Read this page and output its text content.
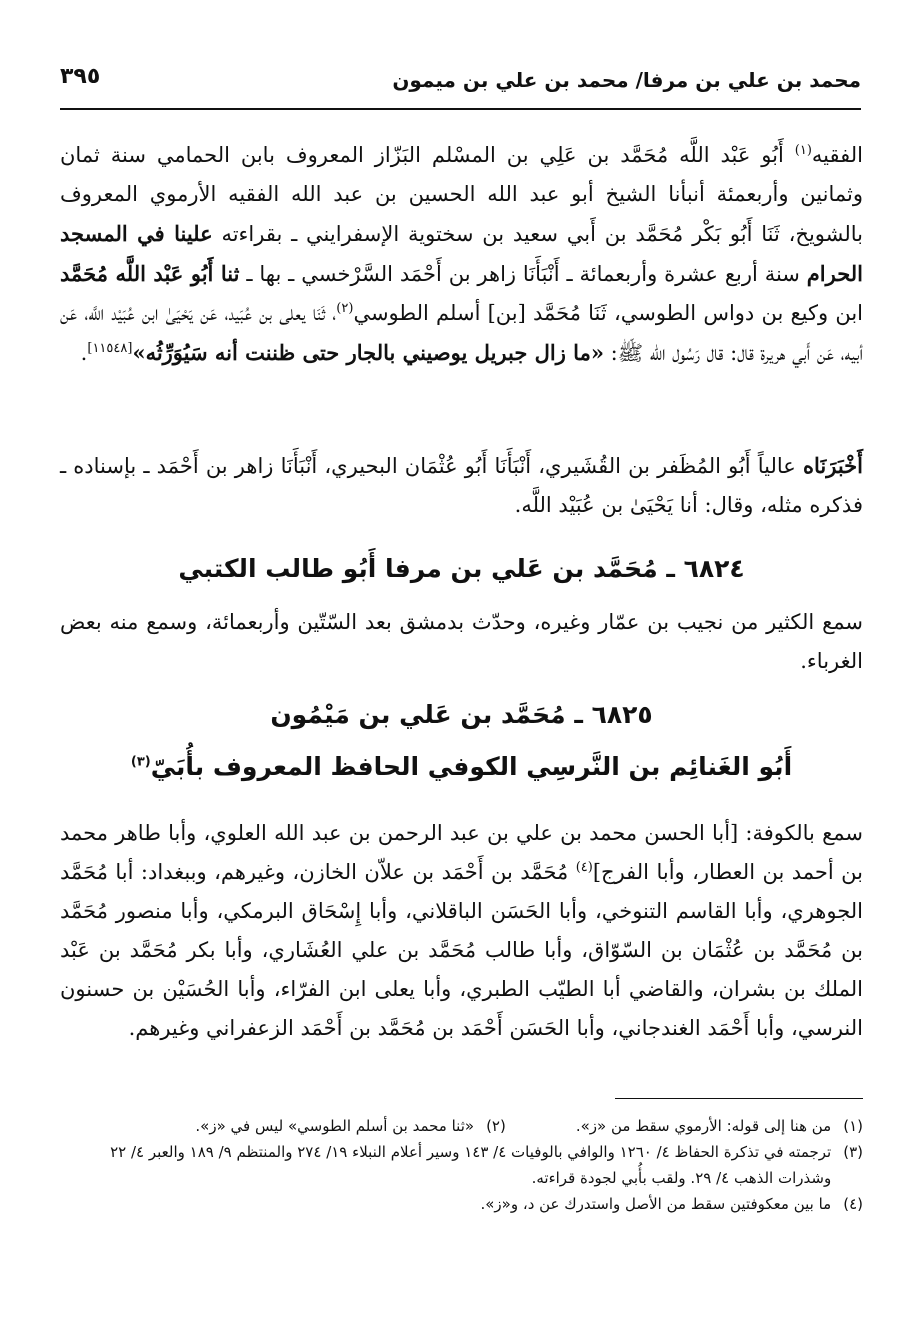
محمد بن علي بن مرفا/ محمد بن علي بن ميمون
٣٩٥
الفقيه$^{(١)}$ أَبُو عَبْد اللَّه مُحَمَّد بن عَلِي بن المسْلم البَزّاز المعروف بابن الحمامي سنة ثمان وثمانين وأربعمئة أنبأنا الشيخ أبو عبد الله الحسين بن عبد الله الفقيه الأرموي المعروف بالشويخ، ثَنَا أَبُو بَكْر مُحَمَّد بن أَبي سعيد بن سختوية الإسفرايني ـ بقراءته علينا في المسجد الحرام سنة أربع عشرة وأربعمائة ـ أَنْبَأَنَا زاهر بن أَحْمَد السَّرْخسي ـ بها ـ ثنا أَبُو عَبْد اللَّه مُحَمَّد ابن وكيع بن دواس الطوسي، ثَنَا مُحَمَّد [بن] أسلم الطوسي$^{(٢)}$، ثَنَا يعلى بن عُبَيد، عَن يَحْيَىٰ ابن عُبَيْد اللَّه، عَن أبيه، عَن أَبي هريرة قال: قال رَسُول الله ﷺ: «ما زال جبريل يوصيني بالجار حتى ظننت أنه سَيُوَرِّثُه»[١١٥٤٨].
أَخْبَرَنَاه عالياً أَبُو المُظَفر بن القُشَيري، أَنْبَأَنَا أَبُو عُثْمَان البحيري، أَنْبَأَنَا زاهر بن أَحْمَد ـ بإسناده ـ فذكره مثله، وقال: أنا يَحْيَىٰ بن عُبَيْد اللَّه.
٦٨٢٤ ـ مُحَمَّد بن عَلي بن مرفا أَبُو طالب الكتبي
سمع الكثير من نجيب بن عمّار وغيره، وحدّث بدمشق بعد السّتّين وأربعمائة، وسمع منه بعض الغرباء.
٦٨٢٥ ـ مُحَمَّد بن عَلي بن مَيْمُون
أَبُو الغَنائِم بن النَّرسِي الكوفي الحافظ المعروف بأُبَيّ$^{(٣)}$
سمع بالكوفة: [أبا الحسن محمد بن علي بن عبد الرحمن بن عبد الله العلوي، وأبا طاهر محمد بن أحمد بن العطار، وأبا الفرج]$^{(٤)}$ مُحَمَّد بن أَحْمَد بن علاّن الخازن، وغيرهم، وببغداد: أبا مُحَمَّد الجوهري، وأبا القاسم التنوخي، وأبا الحَسَن الباقلاني، وأبا إِسْحَاق البرمكي، وأبا منصور مُحَمَّد بن مُحَمَّد بن عُثْمَان بن السّوّاق، وأبا طالب مُحَمَّد بن علي العُشَاري، وأبا بكر مُحَمَّد بن عَبْد الملك بن بشران، والقاضي أبا الطيّب الطبري، وأبا يعلى ابن الفرّاء، وأبا الحُسَيْن بن حسنون النرسي، وأبا أَحْمَد الغندجاني، وأبا الحَسَن أَحْمَد بن مُحَمَّد بن أَحْمَد الزعفراني وغيرهم.
(١)
من هنا إلى قوله: الأرموي سقط من «ز».
(٢)
«ثنا محمد بن أسلم الطوسي» ليس في «ز».
(٣)
ترجمته في تذكرة الحفاظ ٤/ ١٢٦٠ والوافي بالوفيات ٤/ ١٤٣ وسير أعلام النبلاء ١٩/ ٢٧٤ والمنتظم ٩/ ١٨٩ والعبر ٤/ ٢٢ وشذرات الذهب ٤/ ٢٩. ولقب بأُبي لجودة قراءته.
(٤)
ما بين معكوفتين سقط من الأصل واستدرك عن د، و«ز».
